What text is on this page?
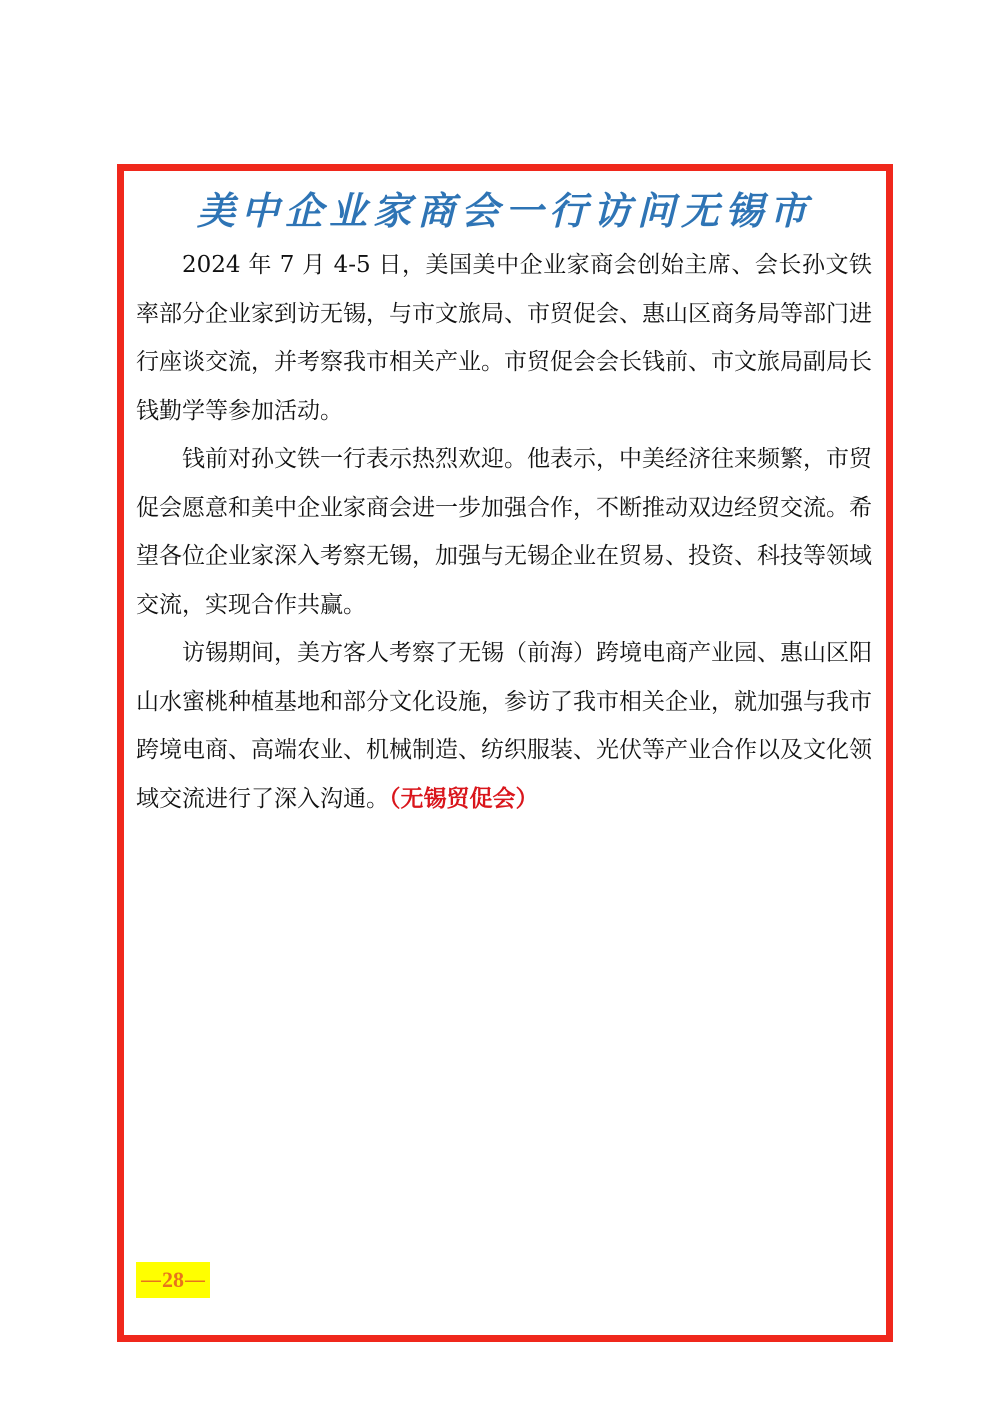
美中企业家商会一行访问无锡市

2024 年 7 月 4-5 日，美国美中企业家商会创始主席、会长孙文铁率部分企业家到访无锡，与市文旅局、市贸促会、惠山区商务局等部门进行座谈交流，并考察我市相关产业。市贸促会会长钱前、市文旅局副局长钱勤学等参加活动。

钱前对孙文铁一行表示热烈欢迎。他表示，中美经济往来频繁，市贸促会愿意和美中企业家商会进一步加强合作，不断推动双边经贸交流。希望各位企业家深入考察无锡，加强与无锡企业在贸易、投资、科技等领域交流，实现合作共赢。

访锡期间，美方客人考察了无锡（前海）跨境电商产业园、惠山区阳山水蜜桃种植基地和部分文化设施，参访了我市相关企业，就加强与我市跨境电商、高端农业、机械制造、纺织服装、光伏等产业合作以及文化领域交流进行了深入沟通。（无锡贸促会）

—28—
